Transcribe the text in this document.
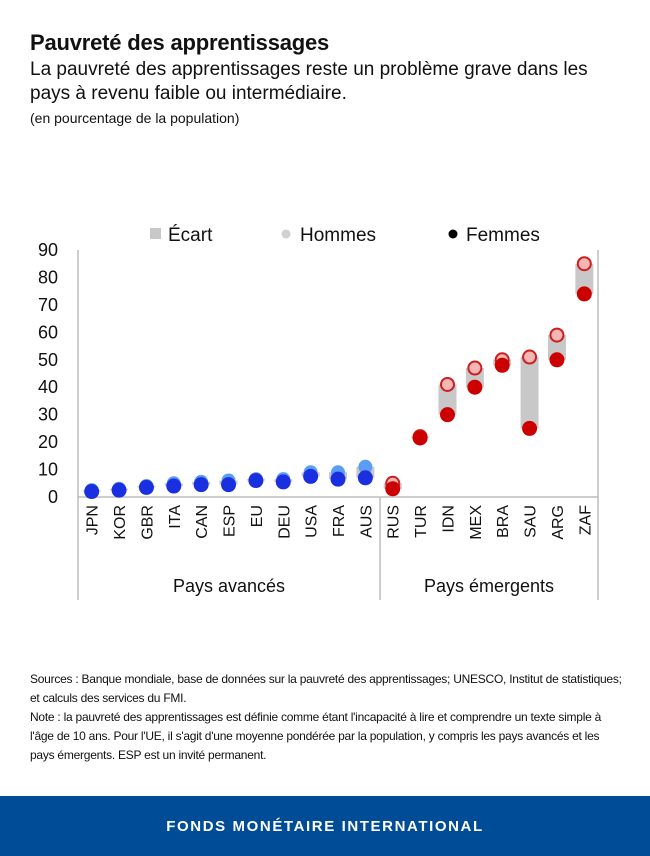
Pauvreté des apprentissages
La pauvreté des apprentissages reste un problème grave dans les pays à revenu faible ou intermédiaire.
(en pourcentage de la population)
0
10
20
30
40
50
60
70
80
90
JPN KOR GBR ITA CAN ESP EU DEU USA FRA AUS RUS TUR IDN MEX BRA SAU ARG ZAF
Pays avancés	Pays émergents
Écart	Hommes	Femmes

Sources : Banque mondiale, base de données sur la pauvreté des apprentissages; UNESCO, Institut de statistiques; et calculs des services du FMI.

Note : la pauvreté des apprentissages est définie comme étant l'incapacité à lire et comprendre un texte simple à l'âge de 10 ans. Pour l'UE, il s'agit d'une moyenne pondérée par la population, y compris les pays avancés et les pays émergents. ESP est un invité permanent.

FONDS MONÉTAIRE INTERNATIONAL
